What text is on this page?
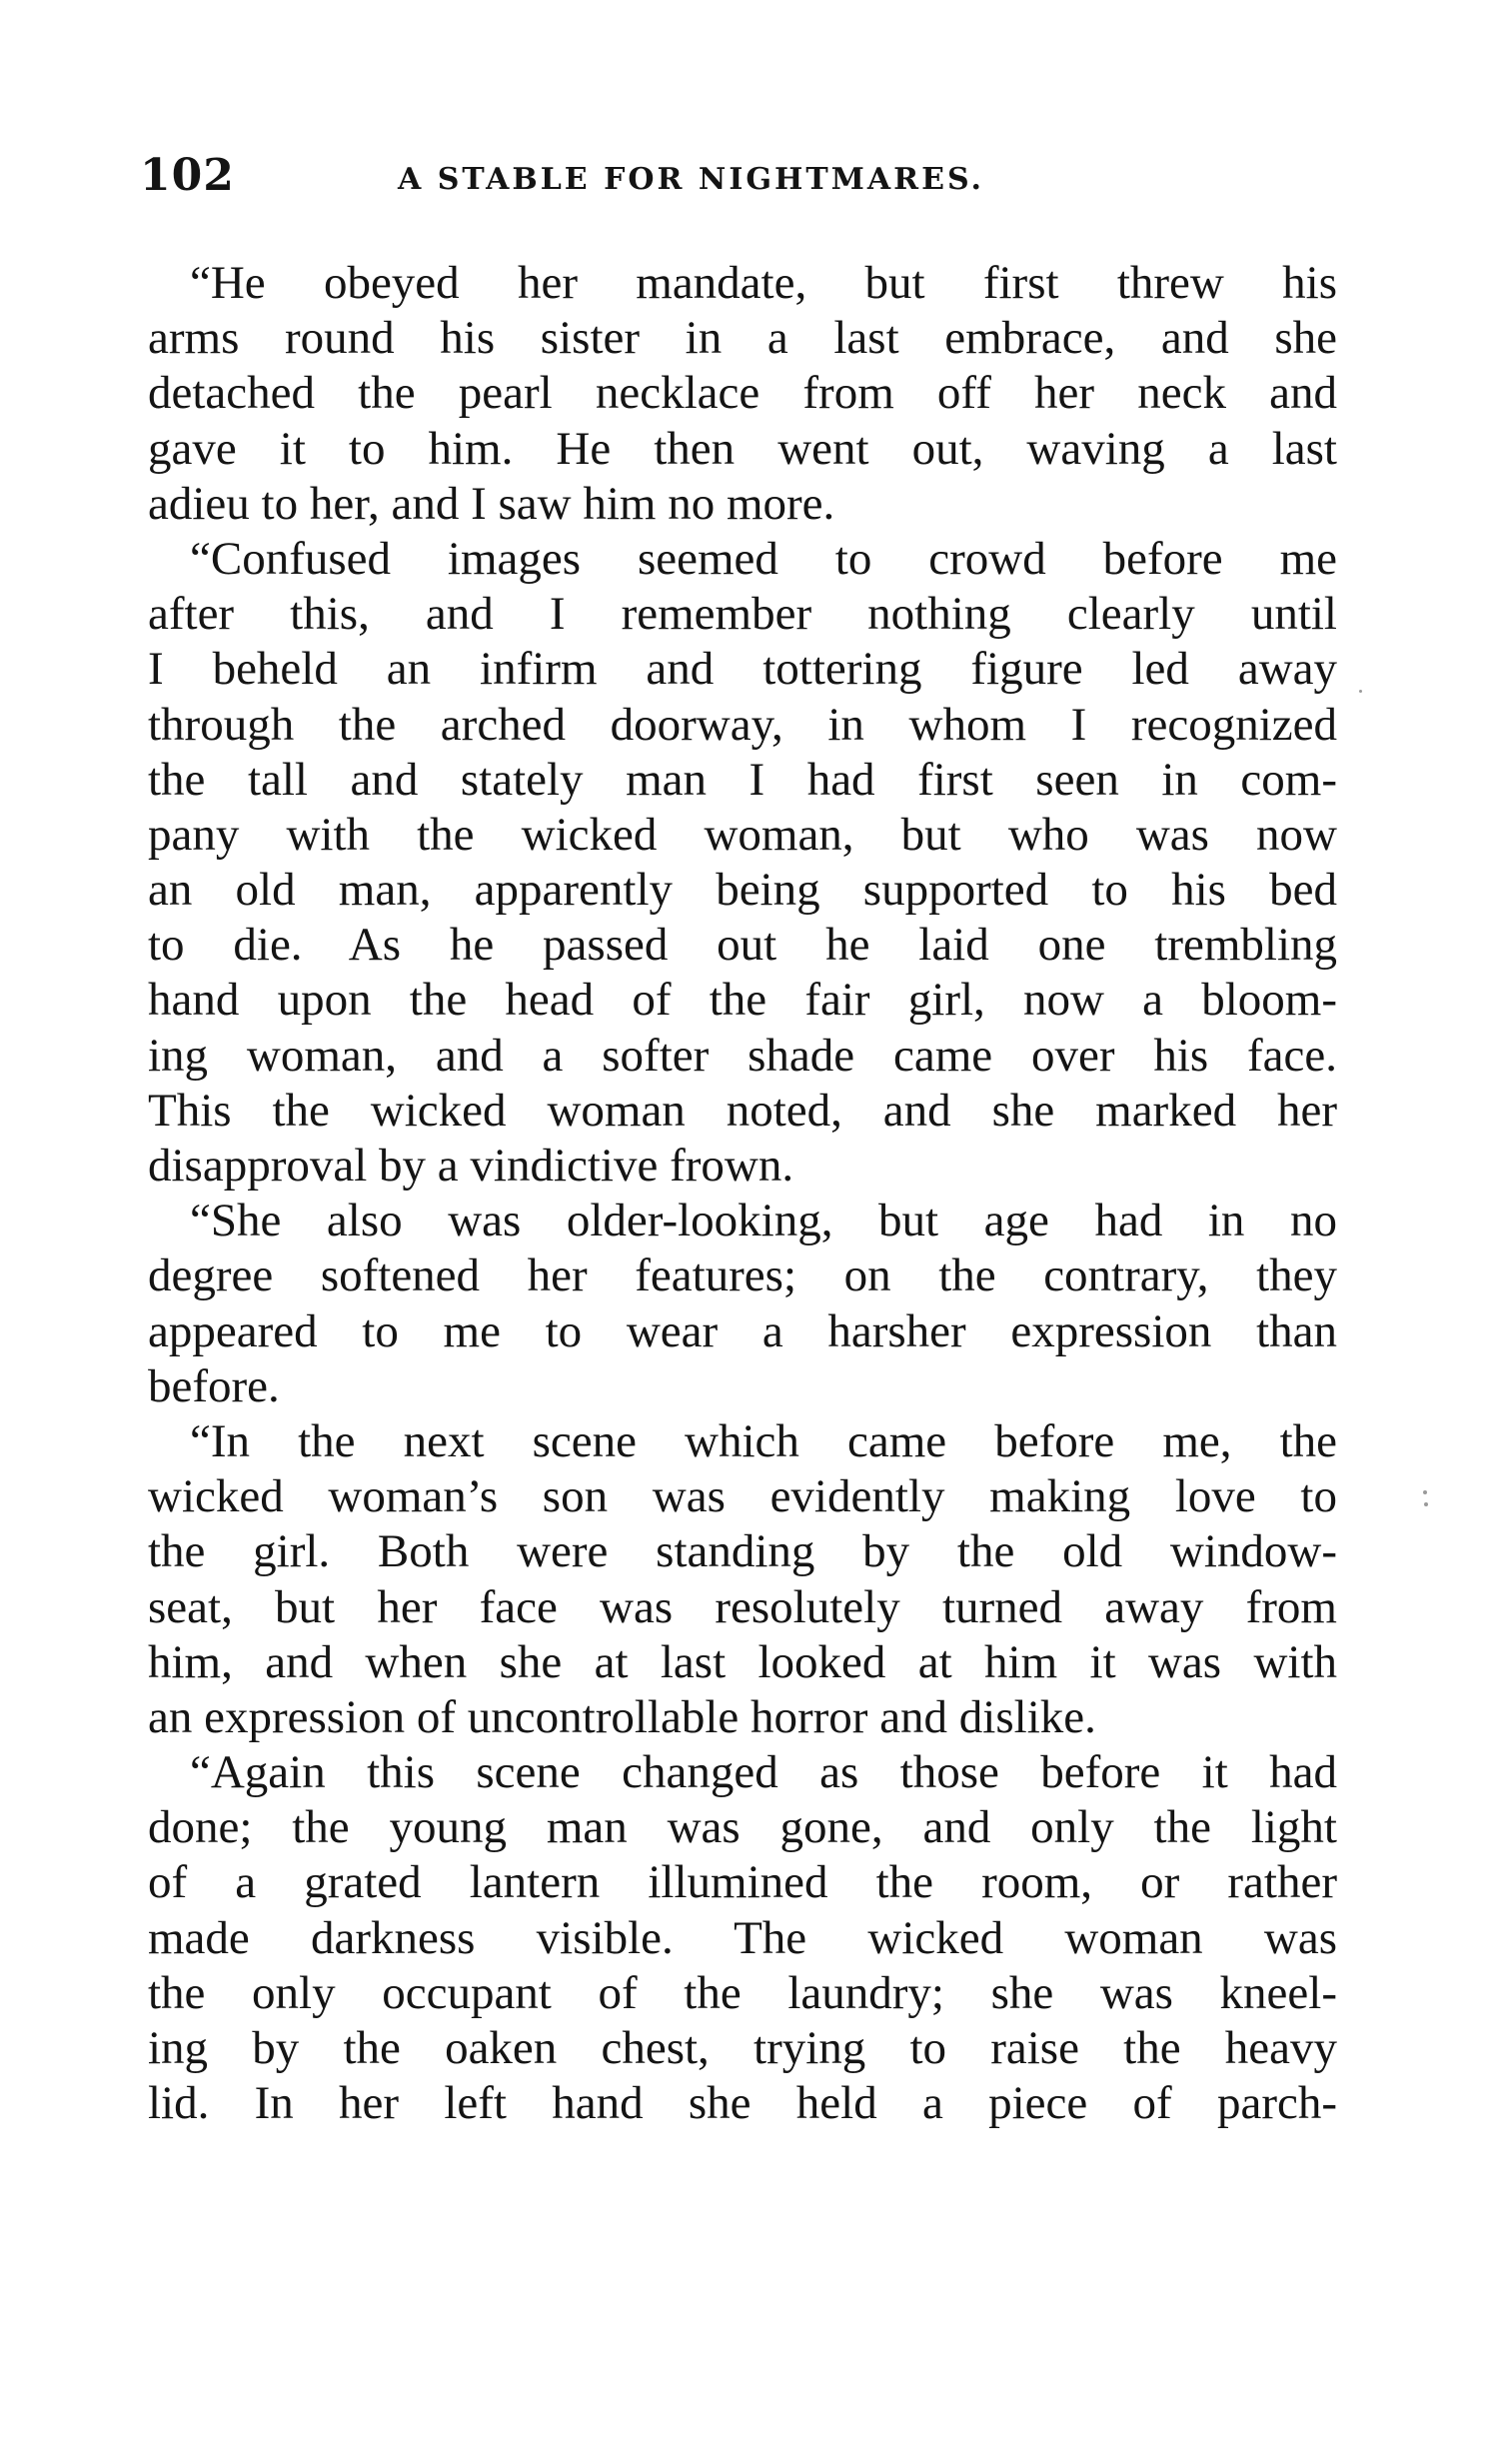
102	A STABLE FOR NIGHTMARES.
“He obeyed her mandate, but first threw his
arms round his sister in a last embrace, and she
detached the pearl necklace from off her neck and
gave it to him. He then went out, waving a last
adieu to her, and I saw him no more.
“Confused images seemed to crowd before me
after this, and I remember nothing clearly until
I beheld an infirm and tottering figure led away
through the arched doorway, in whom I recognized
the tall and stately man I had first seen in com-
pany with the wicked woman, but who was now
an old man, apparently being supported to his bed
to die. As he passed out he laid one trembling
hand upon the head of the fair girl, now a bloom-
ing woman, and a softer shade came over his face.
This the wicked woman noted, and she marked her
disapproval by a vindictive frown.
“She also was older-looking, but age had in no
degree softened her features; on the contrary, they
appeared to me to wear a harsher expression than
before.
“In the next scene which came before me, the
wicked woman’s son was evidently making love to
the girl. Both were standing by the old window-
seat, but her face was resolutely turned away from
him, and when she at last looked at him it was with
an expression of uncontrollable horror and dislike.
“Again this scene changed as those before it had
done; the young man was gone, and only the light
of a grated lantern illumined the room, or rather
made darkness visible. The wicked woman was
the only occupant of the laundry; she was kneel-
ing by the oaken chest, trying to raise the heavy
lid. In her left hand she held a piece of parch-
